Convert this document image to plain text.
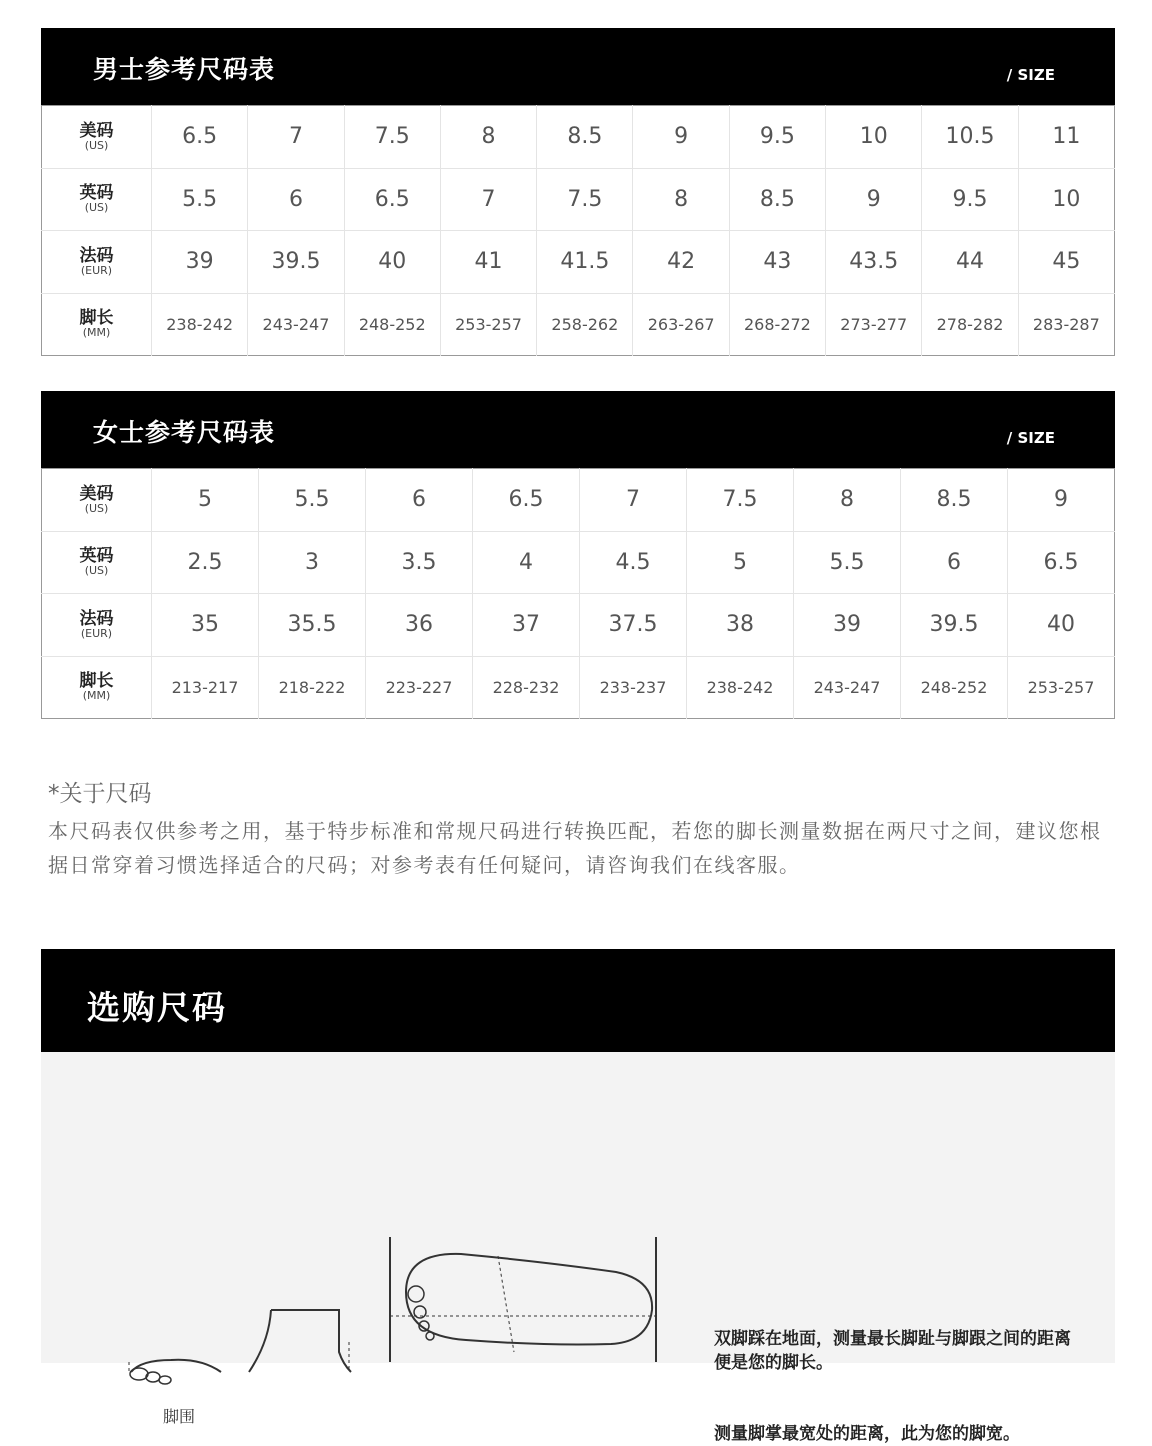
男士参考尺码表	/ SIZE
美码
(US)	6.5	7	7.5	8	8.5	9	9.5	10	10.5	11

英码
(US)	5.5	6	6.5	7	7.5	8	8.5	9	9.5	10

法码
(EUR)	39	39.5	40	41	41.5	42	43	43.5	44	45

脚长
(MM)	238-242	243-247	248-252	253-257	258-262	263-267	268-272	273-277	278-282	283-287
女士参考尺码表	/ SIZE
美码
(US)	5	5.5	6	6.5	7	7.5	8	8.5	9

英码
(US)	2.5	3	3.5	4	4.5	5	5.5	6	6.5

法码
(EUR)	35	35.5	36	37	37.5	38	39	39.5	40

脚长
(MM)	213-217	218-222	223-227	228-232	233-237	238-242	243-247	248-252	253-257
*关于尺码
本尺码表仅供参考之用，基于特步标准和常规尺码进行转换匹配，若您的脚长测量数据在两尺寸之间，建议您根据日常穿着习惯选择适合的尺码；对参考表有任何疑问，请咨询我们在线客服。
选购尺码
脚围
双脚踩在地面，测量最长脚趾与脚跟之间的距离便是您的脚长。
测量脚掌最宽处的距离，此为您的脚宽。
